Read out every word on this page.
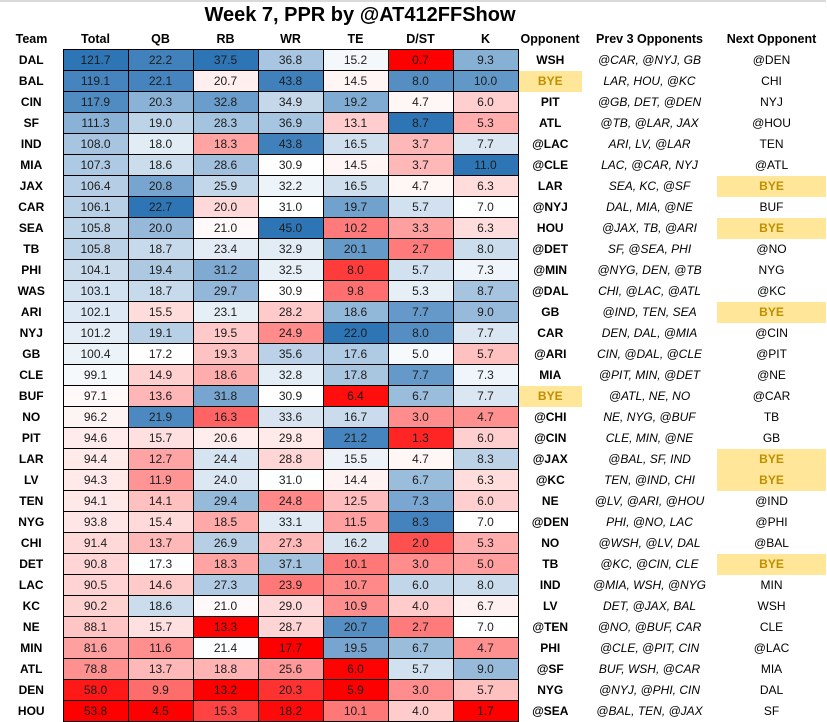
Week 7, PPR by @AT412FFShow
Team	Total	QB	RB	WR	TE	D/ST	K	Opponent	Prev 3 Opponents	Next Opponent
DAL	121.7	22.2	37.5	36.8	15.2	0.7	9.3	WSH	@CAR, @NYJ, GB	@DEN
BAL	119.1	22.1	20.7	43.8	14.5	8.0	10.0	BYE	LAR, HOU, @KC	CHI
CIN	117.9	20.3	32.8	34.9	19.2	4.7	6.0	PIT	@GB, DET, @DEN	NYJ
SF	111.3	19.0	28.3	36.9	13.1	8.7	5.3	ATL	@TB, @LAR, JAX	@HOU
IND	108.0	18.0	18.3	43.8	16.5	3.7	7.7	@LAC	ARI, LV, @LAR	TEN
MIA	107.3	18.6	28.6	30.9	14.5	3.7	11.0	@CLE	LAC, @CAR, NYJ	@ATL
JAX	106.4	20.8	25.9	32.2	16.5	4.7	6.3	LAR	SEA, KC, @SF	BYE
CAR	106.1	22.7	20.0	31.0	19.7	5.7	7.0	@NYJ	DAL, MIA, @NE	BUF
SEA	105.8	20.0	21.0	45.0	10.2	3.3	6.3	HOU	@JAX, TB, @ARI	BYE
TB	105.8	18.7	23.4	32.9	20.1	2.7	8.0	@DET	SF, @SEA, PHI	@NO
PHI	104.1	19.4	31.2	32.5	8.0	5.7	7.3	@MIN	@NYG, DEN, @TB	NYG
WAS	103.1	18.7	29.7	30.9	9.8	5.3	8.7	@DAL	CHI, @LAC, @ATL	@KC
ARI	102.1	15.5	23.1	28.2	18.6	7.7	9.0	GB	@IND, TEN, SEA	BYE
NYJ	101.2	19.1	19.5	24.9	22.0	8.0	7.7	CAR	DEN, DAL, @MIA	@CIN
GB	100.4	17.2	19.3	35.6	17.6	5.0	5.7	@ARI	CIN, @DAL, @CLE	@PIT
CLE	99.1	14.9	18.6	32.8	17.8	7.7	7.3	MIA	@PIT, MIN, @DET	@NE
BUF	97.1	13.6	31.8	30.9	6.4	6.7	7.7	BYE	@ATL, NE, NO	@CAR
NO	96.2	21.9	16.3	33.6	16.7	3.0	4.7	@CHI	NE, NYG, @BUF	TB
PIT	94.6	15.7	20.6	29.8	21.2	1.3	6.0	@CIN	CLE, MIN, @NE	GB
LAR	94.4	12.7	24.4	28.8	15.5	4.7	8.3	@JAX	@BAL, SF, IND	BYE
LV	94.3	11.9	24.0	31.0	14.4	6.7	6.3	@KC	TEN, @IND, CHI	BYE
TEN	94.1	14.1	29.4	24.8	12.5	7.3	6.0	NE	@LV, @ARI, @HOU	@IND
NYG	93.8	15.4	18.5	33.1	11.5	8.3	7.0	@DEN	PHI, @NO, LAC	@PHI
CHI	91.4	13.7	26.9	27.3	16.2	2.0	5.3	NO	@WSH, @LV, DAL	@BAL
DET	90.8	17.3	18.3	37.1	10.1	3.0	5.0	TB	@KC, @CIN, CLE	BYE
LAC	90.5	14.6	27.3	23.9	10.7	6.0	8.0	IND	@MIA, WSH, @NYG	MIN
KC	90.2	18.6	21.0	29.0	10.9	4.0	6.7	LV	DET, @JAX, BAL	WSH
NE	88.1	15.7	13.3	28.7	20.7	2.7	7.0	@TEN	@NO, @BUF, CAR	CLE
MIN	81.6	11.6	21.4	17.7	19.5	6.7	4.7	PHI	@CLE, @PIT, CIN	@LAC
ATL	78.8	13.7	18.8	25.6	6.0	5.7	9.0	@SF	BUF, WSH, @CAR	MIA
DEN	58.0	9.9	13.2	20.3	5.9	3.0	5.7	NYG	@NYJ, @PHI, CIN	DAL
HOU	53.8	4.5	15.3	18.2	10.1	4.0	1.7	@SEA	@BAL, TEN, @JAX	SF
